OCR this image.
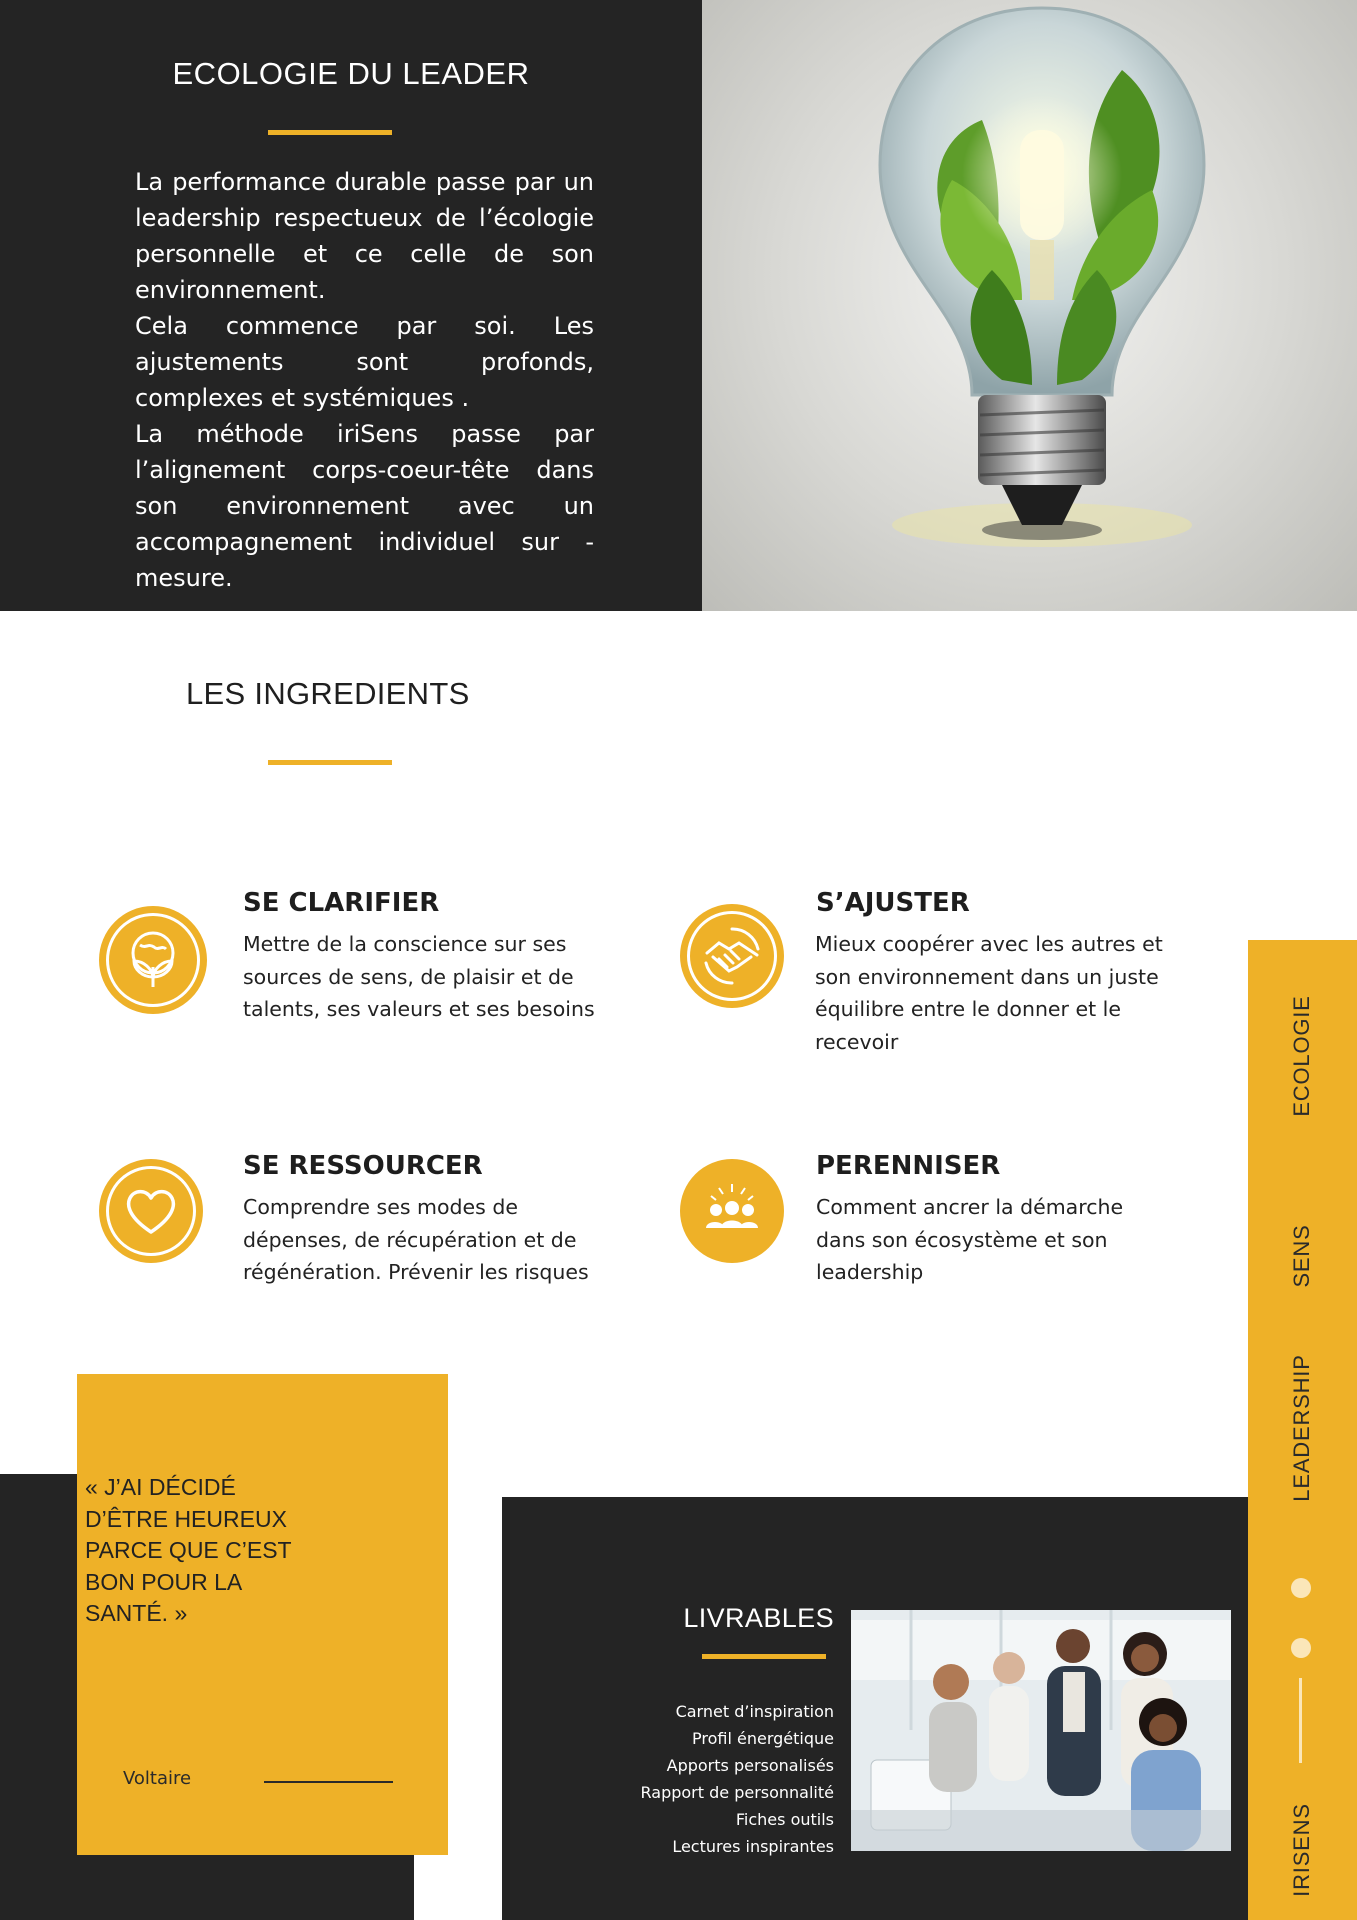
ECOLOGIE DU LEADER

La performance durable passe par un leadership respectueux de l’écologie personnelle et ce celle de son environnement.

Cela commence par soi. Les ajustements sont profonds, complexes et systémiques .

La méthode iriSens passe par l’alignement corps-coeur-tête dans son environnement avec un accompagnement individuel sur - mesure.

LES INGREDIENTS
SE CLARIFIER
Mettre de la conscience sur ses
sources de sens, de plaisir et de
talents, ses valeurs et ses besoins
S’AJUSTER
Mieux coopérer avec les autres et
son environnement dans un juste
équilibre entre le donner et le
recevoir
SE RESSOURCER
Comprendre ses modes de
dépenses, de récupération et de
régénération. Prévenir les risques
PERENNISER
Comment ancrer la démarche
dans son écosystème et son
leadership
ECOLOGIE
SENS
LEADERSHIP
IRISENS
« J’AI DÉCIDÉ D’ÊTRE HEUREUX PARCE QUE C’EST BON POUR LA SANTÉ. »
Voltaire
LIVRABLES
Carnet d’inspiration
Profil énergétique
Apports personalisés
Rapport de personnalité
Fiches outils
Lectures inspirantes
